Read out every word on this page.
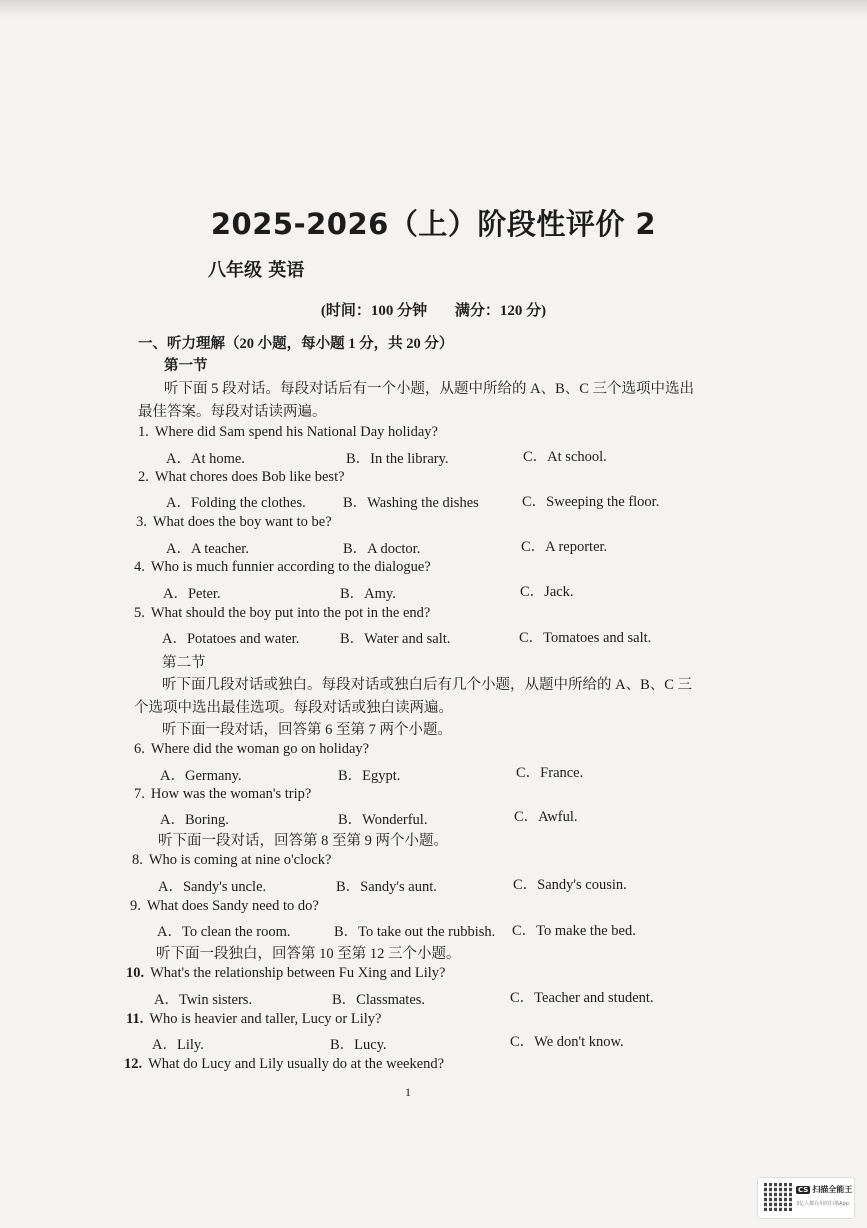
2025-2026（上）阶段性评价 2
八年级 英语
(时间：100 分钟 满分：120 分)
一、听力理解（20 小题，每小题 1 分，共 20 分）
第一节
听下面 5 段对话。每段对话后有一个小题，从题中所给的 A、B、C 三个选项中选出
最佳答案。每段对话读两遍。
1. Where did Sam spend his National Day holiday?
A．At home.	B．In the library.	C．At school.
2. What chores does Bob like best?
A．Folding the clothes.	B．Washing the dishes	C．Sweeping the floor.
3. What does the boy want to be?
A．A teacher.	B．A doctor.	C．A reporter.
4. Who is much funnier according to the dialogue?
A．Peter.	B．Amy.	C．Jack.
5. What should the boy put into the pot in the end?
A．Potatoes and water.	B．Water and salt.	C．Tomatoes and salt.
第二节
听下面几段对话或独白。每段对话或独白后有几个小题，从题中所给的 A、B、C 三
个选项中选出最佳选项。每段对话或独白读两遍。
听下面一段对话，回答第 6 至第 7 两个小题。
6. Where did the woman go on holiday?
A．Germany.	B．Egypt.	C．France.
7. How was the woman's trip?
A．Boring.	B．Wonderful.	C．Awful.
听下面一段对话，回答第 8 至第 9 两个小题。
8. Who is coming at nine o'clock?
A．Sandy's uncle.	B．Sandy's aunt.	C．Sandy's cousin.
9. What does Sandy need to do?
A．To clean the room.	B．To take out the rubbish. C．To make the bed.
听下面一段独白，回答第 10 至第 12 三个小题。
10. What's the relationship between Fu Xing and Lily?
A．Twin sisters.	B．Classmates.	C．Teacher and student.
11. Who is heavier and taller, Lucy or Lily?
A．Lily.	B．Lucy.	C．We don't know.
12. What do Lucy and Lily usually do at the weekend?
1
CS 扫描全能王
3亿人都在用的扫描App
